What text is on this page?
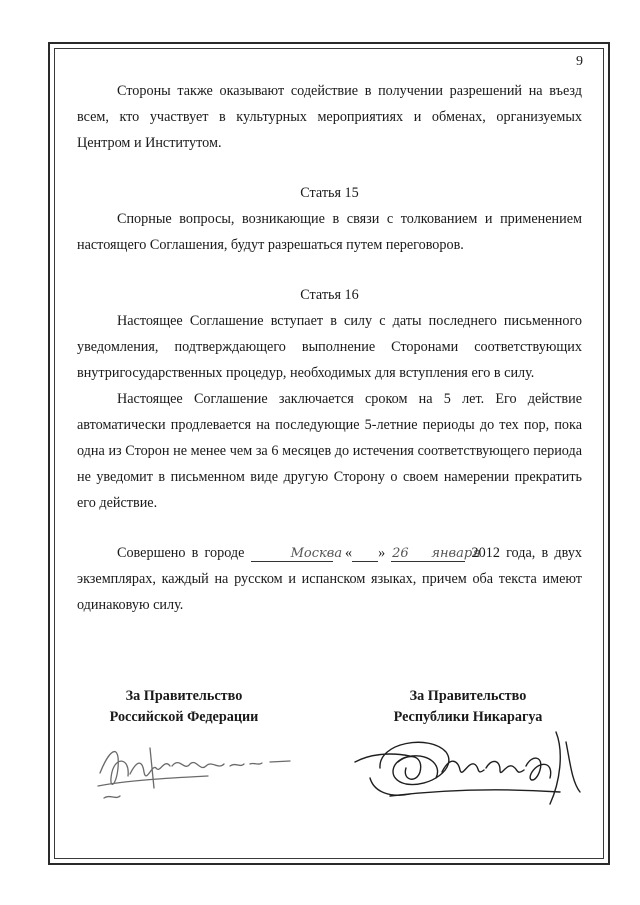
9

Стороны также оказывают содействие в получении разрешений на въезд всем, кто участвует в культурных мероприятиях и обменах, организуемых Центром и Институтом.

Статья 15

Спорные вопросы, возникающие в связи с толкованием и применением настоящего Соглашения, будут разрешаться путем переговоров.

Статья 16

Настоящее Соглашение вступает в силу с даты последнего письменного уведомления, подтверждающего выполнение Сторонами соответствующих внутригосударственных процедур, необходимых для вступления его в силу.

Настоящее Соглашение заключается сроком на 5 лет. Его действие автоматически продлевается на последующие 5-летние периоды до тех пор, пока одна из Сторон не менее чем за 6 месяцев до истечения соответствующего периода не уведомит в письменном виде другую Сторону о своем намерении прекратить его действие.

Совершено в городе	Москва «	26»	января 2012 года, в двух экземплярах, каждый на русском и испанском языках, причем оба текста имеют одинаковую силу.

За Правительство
Российской Федерации
За Правительство
Республики Никарагуа
